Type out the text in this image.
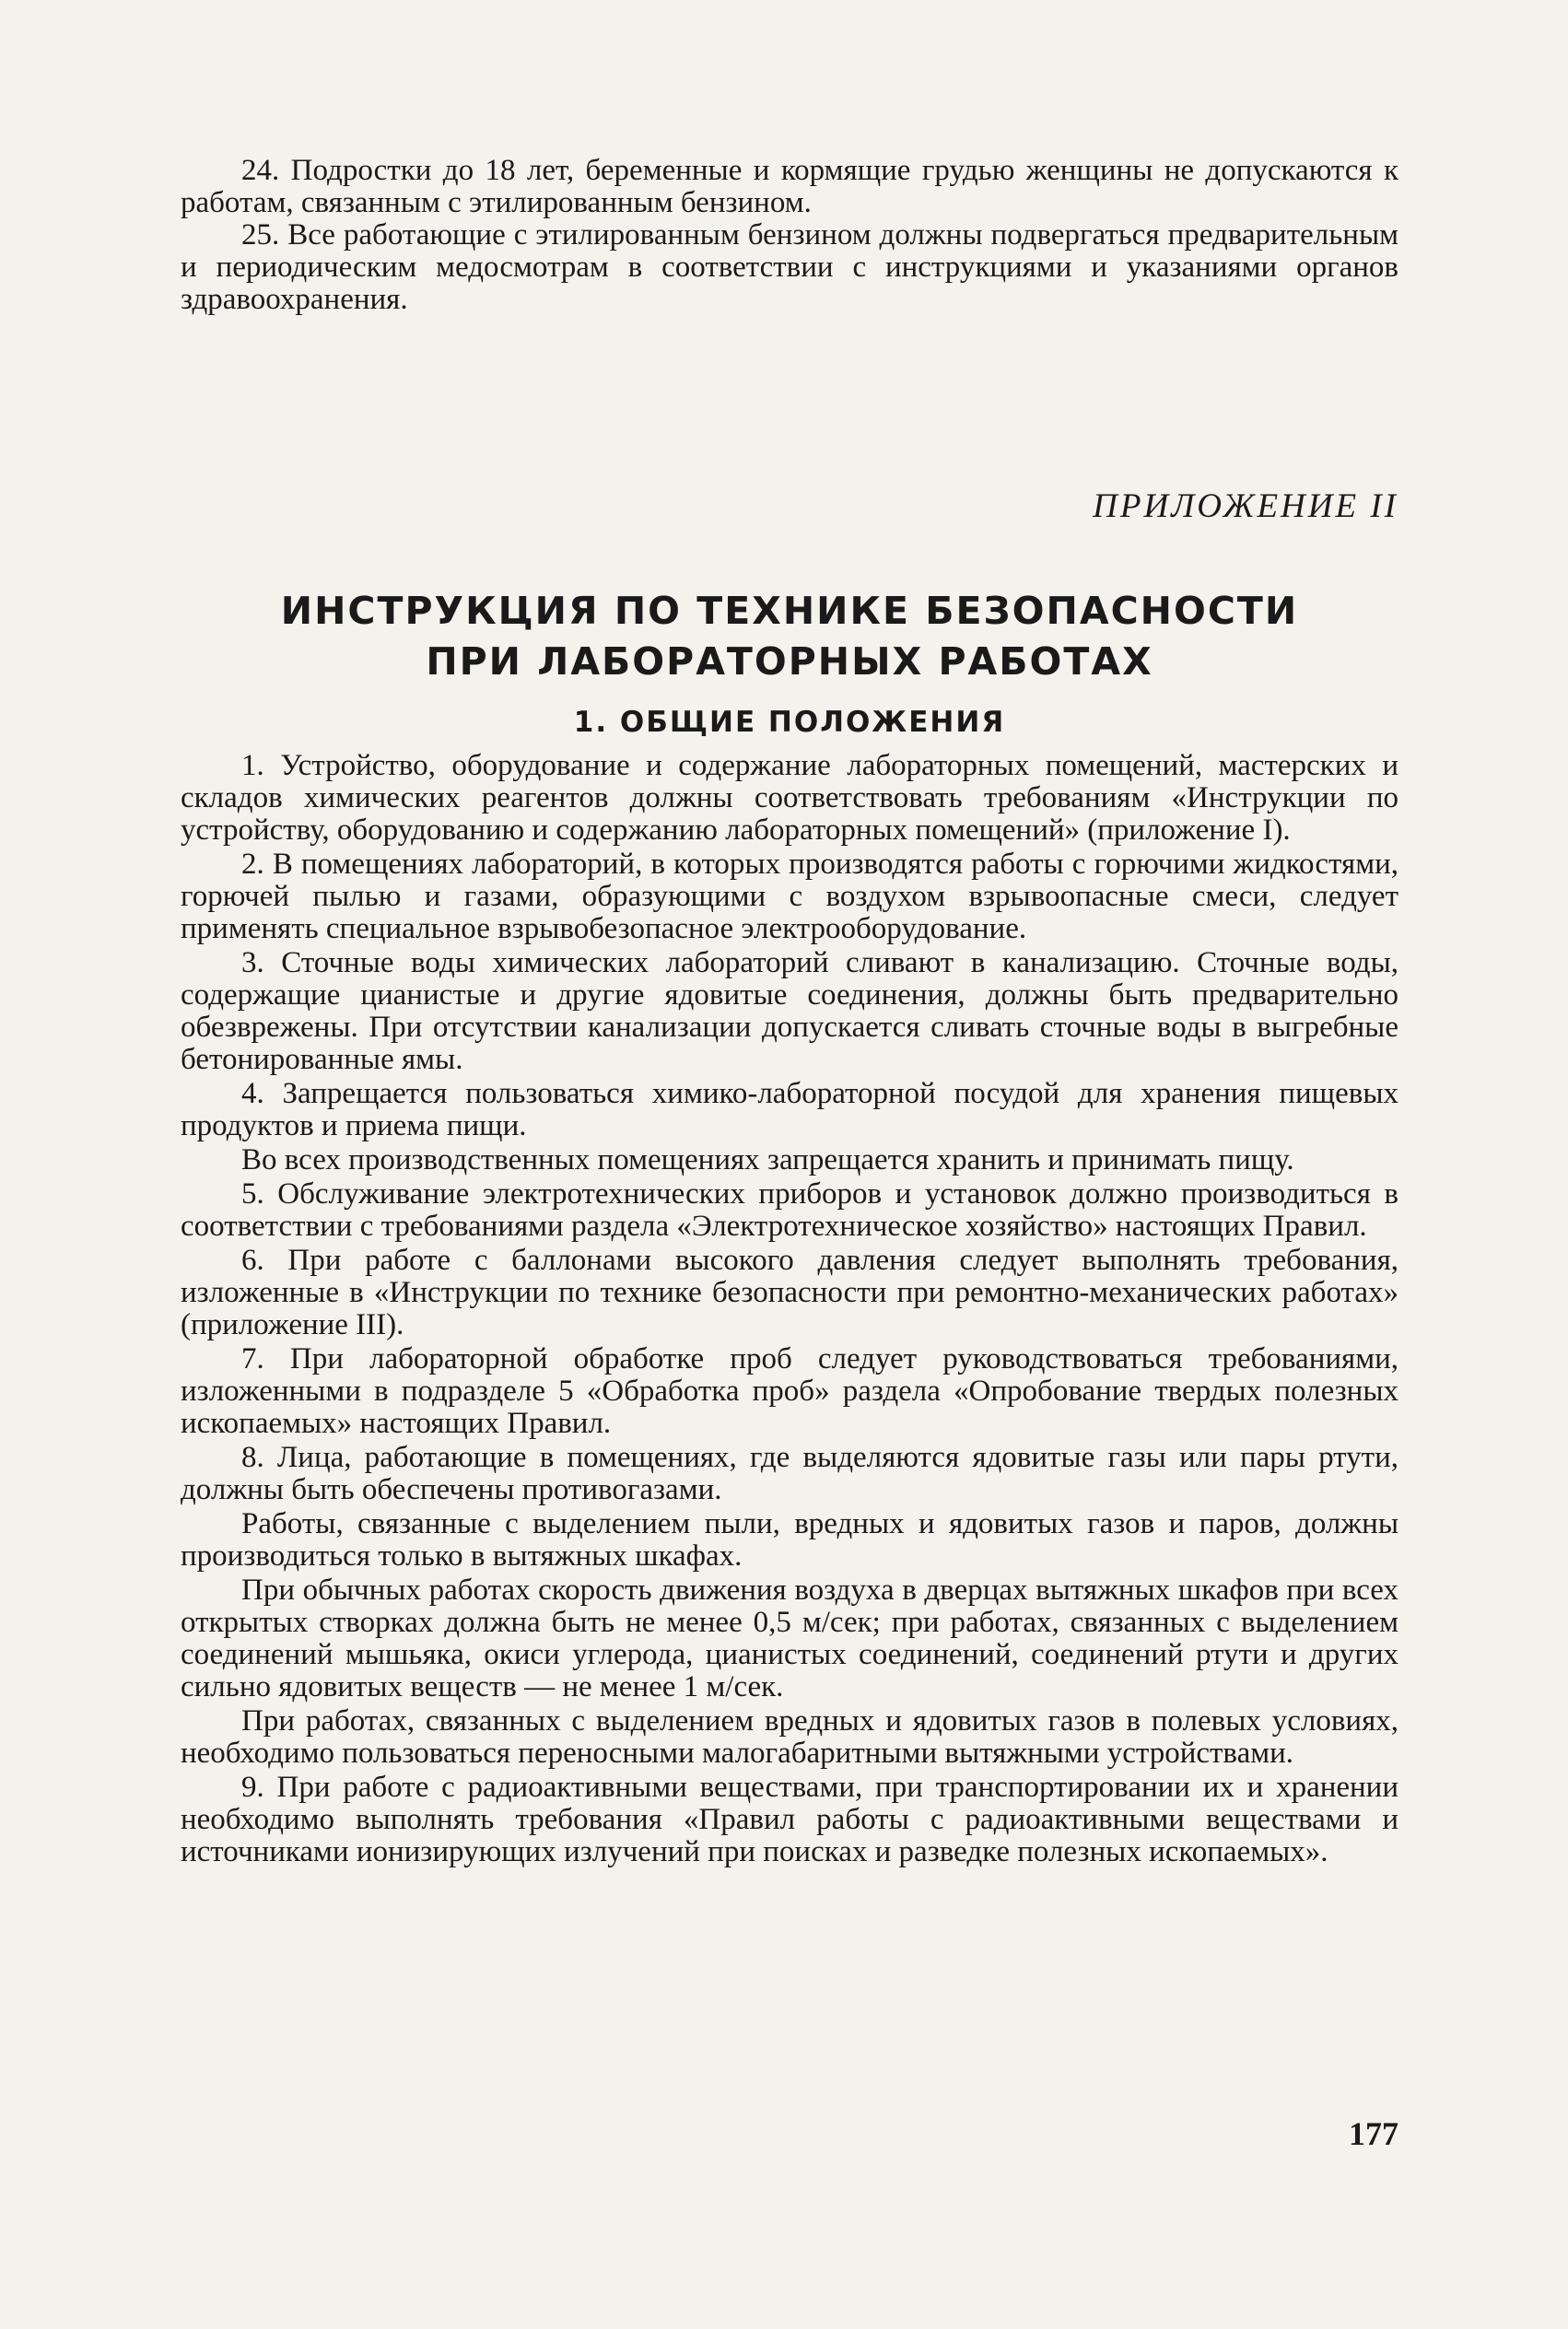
24. Подростки до 18 лет, беременные и кормящие грудью женщины не допускаются к работам, связанным с этилированным бензином.

25. Все работающие с этилированным бензином должны подвергаться предварительным и периодическим медосмотрам в соответствии с инструкциями и указаниями органов здравоохранения.

ПРИЛОЖЕНИЕ II
ИНСТРУКЦИЯ ПО ТЕХНИКЕ БЕЗОПАСНОСТИ
ПРИ ЛАБОРАТОРНЫХ РАБОТАХ
1. ОБЩИЕ ПОЛОЖЕНИЯ

1. Устройство, оборудование и содержание лабораторных помещений, мастерских и складов химических реагентов должны соответствовать требованиям «Инструкции по устройству, оборудованию и содержанию лабораторных помещений» (приложение I).

2. В помещениях лабораторий, в которых производятся работы с горючими жидкостями, горючей пылью и газами, образующими с воздухом взрывоопасные смеси, следует применять специальное взрывобезопасное электрооборудование.

3. Сточные воды химических лабораторий сливают в канализацию. Сточные воды, содержащие цианистые и другие ядовитые соединения, должны быть предварительно обезврежены. При отсутствии канализации допускается сливать сточные воды в выгребные бетонированные ямы.

4. Запрещается пользоваться химико-лабораторной посудой для хранения пищевых продуктов и приема пищи.

Во всех производственных помещениях запрещается хранить и принимать пищу.

5. Обслуживание электротехнических приборов и установок должно производиться в соответствии с требованиями раздела «Электротехническое хозяйство» настоящих Правил.

6. При работе с баллонами высокого давления следует выполнять требования, изложенные в «Инструкции по технике безопасности при ремонтно-механических работах» (приложение III).

7. При лабораторной обработке проб следует руководствоваться требованиями, изложенными в подразделе 5 «Обработка проб» раздела «Опробование твердых полезных ископаемых» настоящих Правил.

8. Лица, работающие в помещениях, где выделяются ядовитые газы или пары ртути, должны быть обеспечены противогазами.

Работы, связанные с выделением пыли, вредных и ядовитых газов и паров, должны производиться только в вытяжных шкафах.

При обычных работах скорость движения воздуха в дверцах вытяжных шкафов при всех открытых створках должна быть не менее 0,5 м/сек; при работах, связанных с выделением соединений мышьяка, окиси углерода, цианистых соединений, соединений ртути и других сильно ядовитых веществ — не менее 1 м/сек.

При работах, связанных с выделением вредных и ядовитых газов в полевых условиях, необходимо пользоваться переносными малогабаритными вытяжными устройствами.

9. При работе с радиоактивными веществами, при транспортировании их и хранении необходимо выполнять требования «Правил работы с радиоактивными веществами и источниками ионизирующих излучений при поисках и разведке полезных ископаемых».

177
